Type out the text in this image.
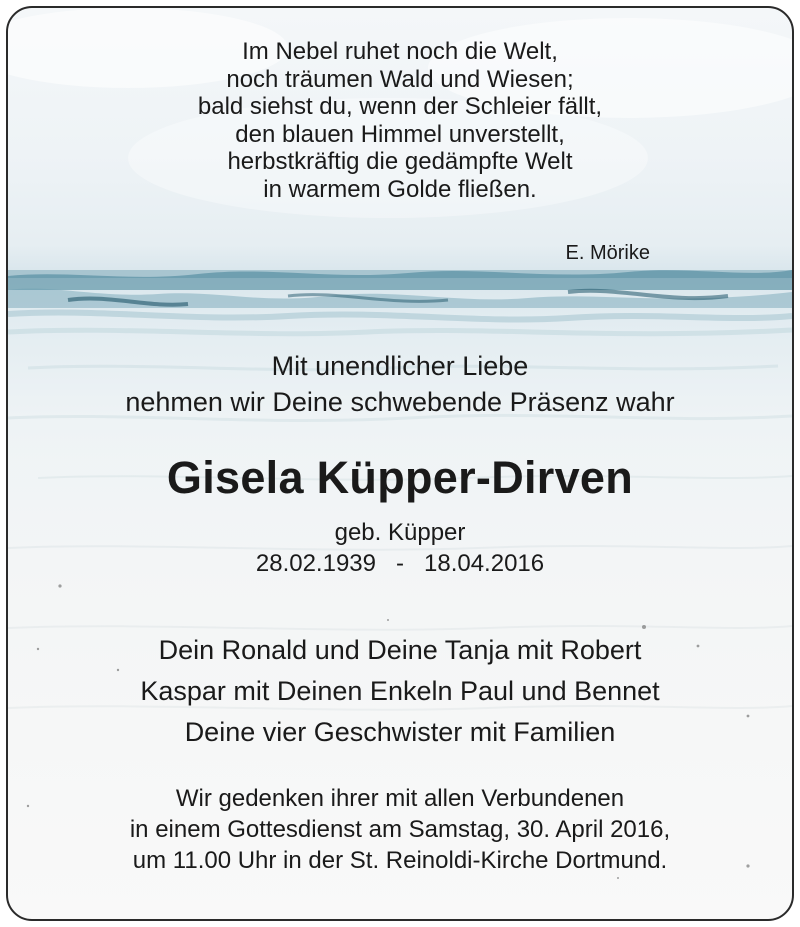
Im Nebel ruhet noch die Welt,
noch träumen Wald und Wiesen;
bald siehst du, wenn der Schleier fällt,
den blauen Himmel unverstellt,
herbstkräftig die gedämpfte Welt
in warmem Golde fließen.
E. Mörike
Mit unendlicher Liebe
nehmen wir Deine schwebende Präsenz wahr
Gisela Küpper-Dirven
geb. Küpper
28.02.1939   -   18.04.2016
Dein Ronald und Deine Tanja mit Robert
Kaspar mit Deinen Enkeln Paul und Bennet
Deine vier Geschwister mit Familien
Wir gedenken ihrer mit allen Verbundenen
in einem Gottesdienst am Samstag, 30. April 2016,
um 11.00 Uhr in der St. Reinoldi-Kirche Dortmund.
